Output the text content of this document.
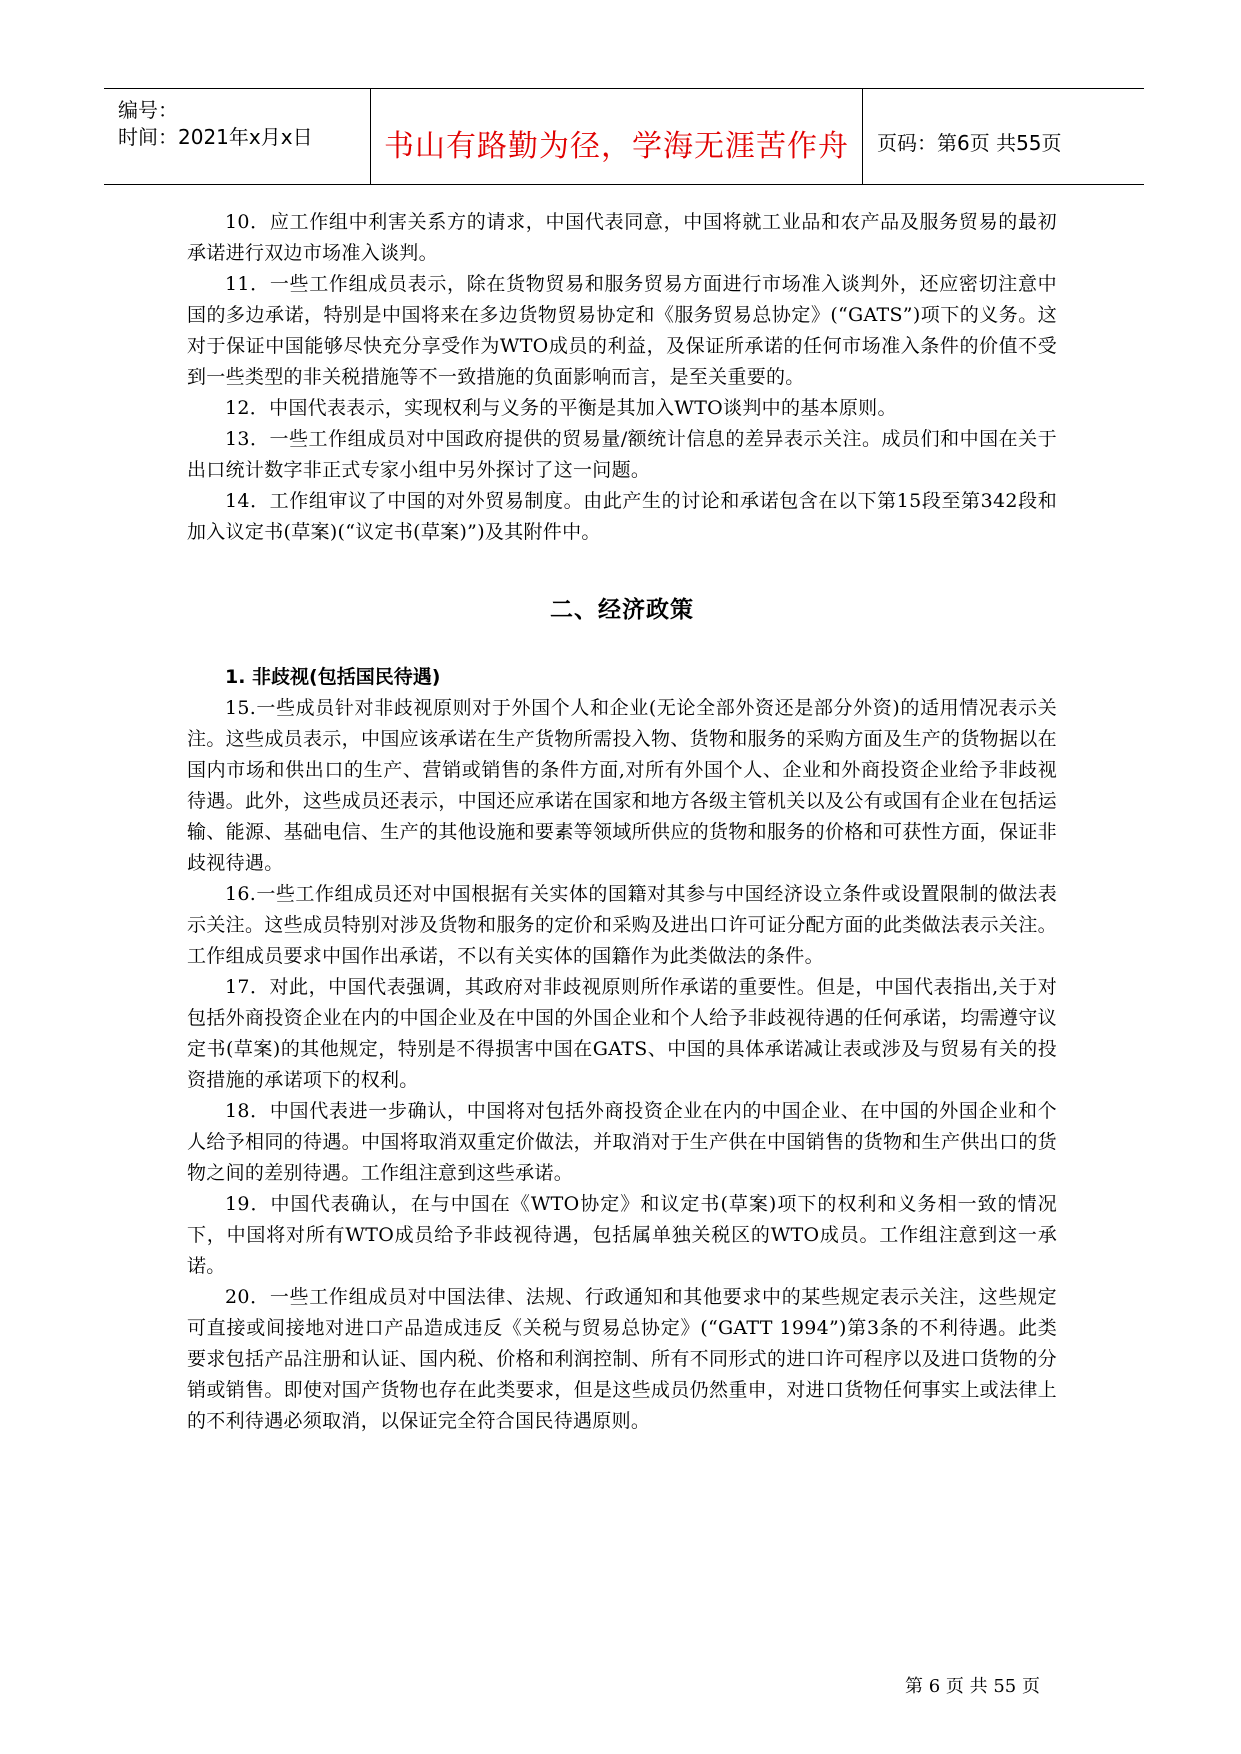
编号：
时间：2021年x月x日	书山有路勤为径，学海无涯苦作舟	页码：第6页 共55页

10．应工作组中利害关系方的请求，中国代表同意，中国将就工业品和农产品及服务贸易的最初承诺进行双边市场准入谈判。

11．一些工作组成员表示，除在货物贸易和服务贸易方面进行市场准入谈判外，还应密切注意中国的多边承诺，特别是中国将来在多边货物贸易协定和《服务贸易总协定》(“GATS”)项下的义务。这对于保证中国能够尽快充分享受作为WTO成员的利益，及保证所承诺的任何市场准入条件的价值不受到一些类型的非关税措施等不一致措施的负面影响而言，是至关重要的。

12．中国代表表示，实现权利与义务的平衡是其加入WTO谈判中的基本原则。

13．一些工作组成员对中国政府提供的贸易量/额统计信息的差异表示关注。成员们和中国在关于出口统计数字非正式专家小组中另外探讨了这一问题。

14．工作组审议了中国的对外贸易制度。由此产生的讨论和承诺包含在以下第15段至第342段和加入议定书(草案)(“议定书(草案)”)及其附件中。

二、经济政策
1. 非歧视(包括国民待遇)

15.一些成员针对非歧视原则对于外国个人和企业(无论全部外资还是部分外资)的适用情况表示关注。这些成员表示，中国应该承诺在生产货物所需投入物、货物和服务的采购方面及生产的货物据以在国内市场和供出口的生产、营销或销售的条件方面,对所有外国个人、企业和外商投资企业给予非歧视待遇。此外，这些成员还表示，中国还应承诺在国家和地方各级主管机关以及公有或国有企业在包括运输、能源、基础电信、生产的其他设施和要素等领域所供应的货物和服务的价格和可获性方面，保证非歧视待遇。

16.一些工作组成员还对中国根据有关实体的国籍对其参与中国经济设立条件或设置限制的做法表示关注。这些成员特别对涉及货物和服务的定价和采购及进出口许可证分配方面的此类做法表示关注。工作组成员要求中国作出承诺，不以有关实体的国籍作为此类做法的条件。

17．对此，中国代表强调，其政府对非歧视原则所作承诺的重要性。但是，中国代表指出,关于对包括外商投资企业在内的中国企业及在中国的外国企业和个人给予非歧视待遇的任何承诺，均需遵守议定书(草案)的其他规定，特别是不得损害中国在GATS、中国的具体承诺减让表或涉及与贸易有关的投资措施的承诺项下的权利。

18．中国代表进一步确认，中国将对包括外商投资企业在内的中国企业、在中国的外国企业和个人给予相同的待遇。中国将取消双重定价做法，并取消对于生产供在中国销售的货物和生产供出口的货物之间的差别待遇。工作组注意到这些承诺。

19．中国代表确认，在与中国在《WTO协定》和议定书(草案)项下的权利和义务相一致的情况下，中国将对所有WTO成员给予非歧视待遇，包括属单独关税区的WTO成员。工作组注意到这一承诺。

20．一些工作组成员对中国法律、法规、行政通知和其他要求中的某些规定表示关注，这些规定可直接或间接地对进口产品造成违反《关税与贸易总协定》(“GATT 1994”)第3条的不利待遇。此类要求包括产品注册和认证、国内税、价格和利润控制、所有不同形式的进口许可程序以及进口货物的分销或销售。即使对国产货物也存在此类要求，但是这些成员仍然重申，对进口货物任何事实上或法律上的不利待遇必须取消，以保证完全符合国民待遇原则。

第 6 页 共 55 页
